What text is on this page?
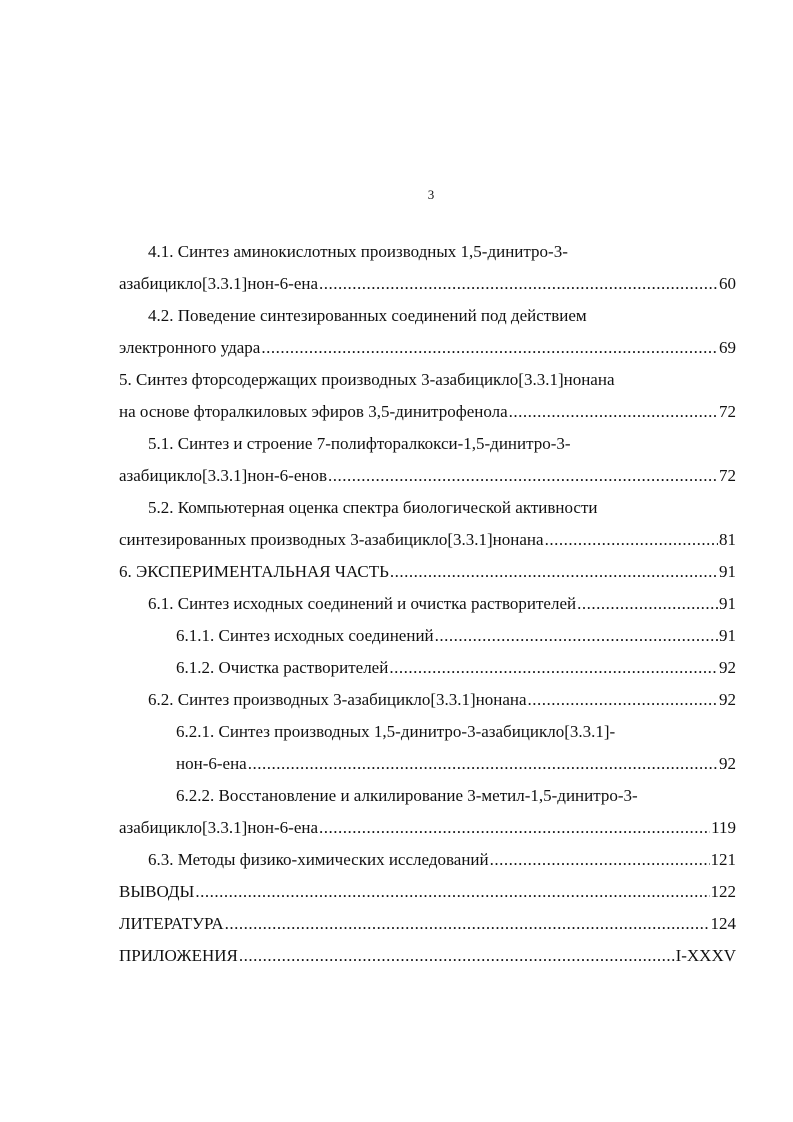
3
4.1. Синтез аминокислотных производных 1,5-динитро-3-
азабицикло[3.3.1]нон-6-ена .....	60
4.2. Поведение синтезированных соединений под действием
электронного удара .....	69
5. Синтез фторсодержащих производных 3-азабицикло[3.3.1]нонана
на основе фторалкиловых эфиров 3,5-динитрофенола .....	72
5.1. Синтез и строение 7-полифторалкокси-1,5-динитро-3-
азабицикло[3.3.1]нон-6-енов .....	72
5.2. Компьютерная оценка спектра биологической активности
синтезированных производных 3-азабицикло[3.3.1]нонана .....	81
6. ЭКСПЕРИМЕНТАЛЬНАЯ ЧАСТЬ .....	91
6.1. Синтез исходных соединений и очистка растворителей .....	91
6.1.1. Синтез исходных соединений .....	91
6.1.2. Очистка растворителей .....	92
6.2. Синтез производных 3-азабицикло[3.3.1]нонана .....	92
6.2.1. Синтез производных 1,5-динитро-3-азабицикло[3.3.1]-
нон-6-ена .....	92
6.2.2. Восстановление и алкилирование 3-метил-1,5-динитро-3-
азабицикло[3.3.1]нон-6-ена .....	119
6.3. Методы физико-химических исследований .....	121
ВЫВОДЫ .....	122
ЛИТЕРАТУРА .....	124
ПРИЛОЖЕНИЯ .....	I-XXXV
